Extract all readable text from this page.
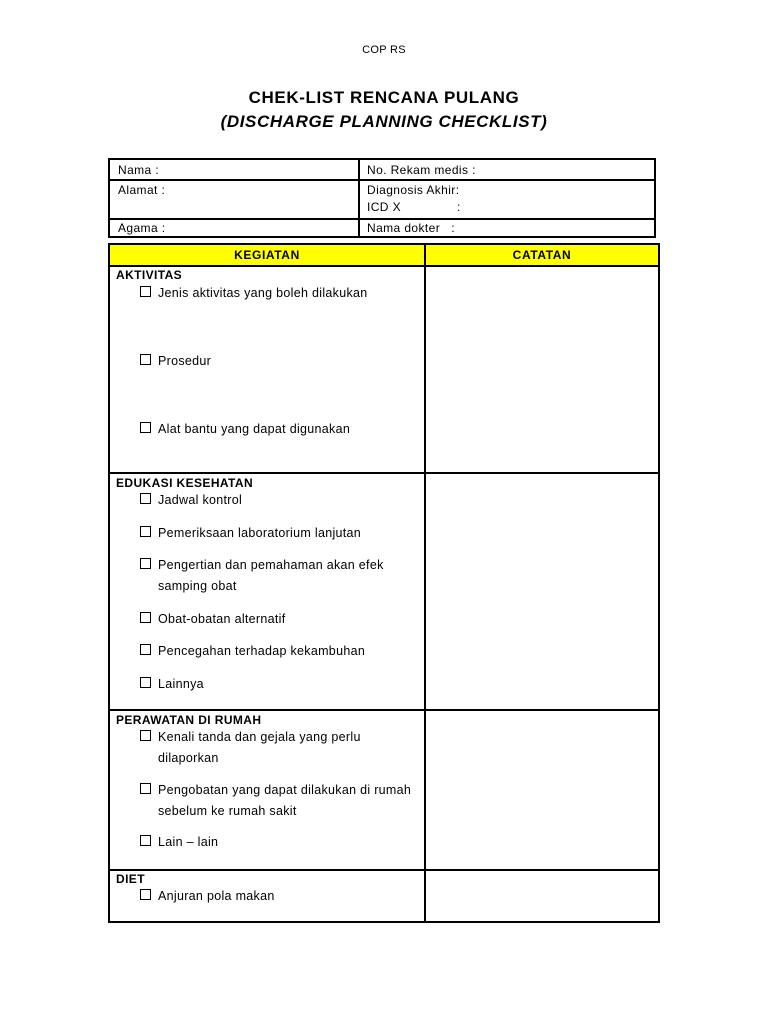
COP RS
CHEK-LIST RENCANA PULANG
(DISCHARGE PLANNING CHECKLIST)
Nama :	No. Rekam medis :
Alamat :	Diagnosis Akhir:
ICD X               :
Agama :	Nama dokter   :
KEGIATAN	CATATAN
AKTIVITAS
Jenis aktivitas yang boleh dilakukan
Prosedur
Alat bantu yang dapat digunakan
EDUKASI KESEHATAN
Jadwal kontrol
Pemeriksaan laboratorium lanjutan
Pengertian dan pemahaman akan efek
samping obat
Obat-obatan alternatif
Pencegahan terhadap kekambuhan
Lainnya
PERAWATAN DI RUMAH
Kenali tanda dan gejala yang perlu
dilaporkan
Pengobatan yang dapat dilakukan di rumah
sebelum ke rumah sakit
Lain – lain
DIET
Anjuran pola makan
